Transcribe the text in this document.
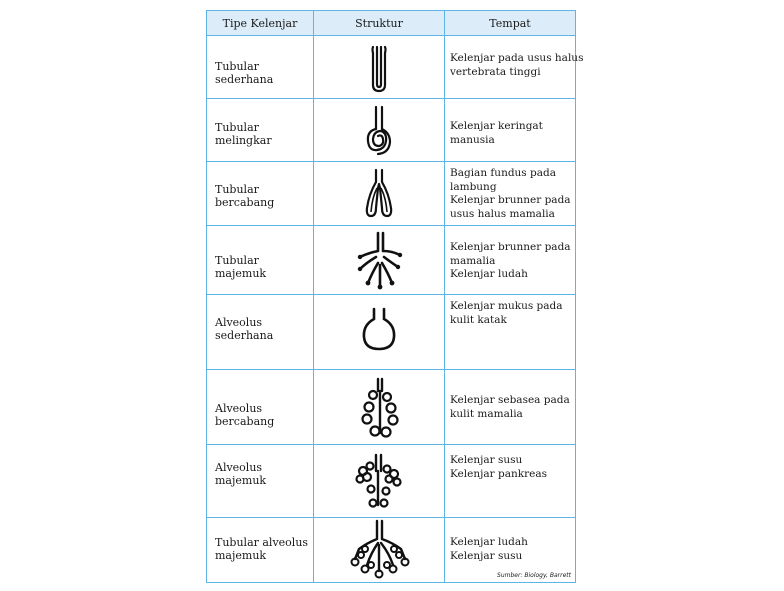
Tipe Kelenjar	Struktur	Tempat
Tubular sederhana
Kelenjar pada usus halus
vertebrata tinggi
Tubular melingkar
Kelenjar keringat
manusia
Tubular bercabang
Bagian fundus pada
lambung
Kelenjar brunner pada
usus halus mamalia
Tubular majemuk
Kelenjar brunner pada
mamalia
Kelenjar ludah
Alveolus sederhana
Kelenjar mukus pada
kulit katak
Alveolus bercabang
Kelenjar sebasea pada
kulit mamalia
Alveolus majemuk
Kelenjar susu
Kelenjar pankreas
Tubular alveolus
majemuk
Kelenjar ludah
Kelenjar susu
Sumber: Biology, Barrett
